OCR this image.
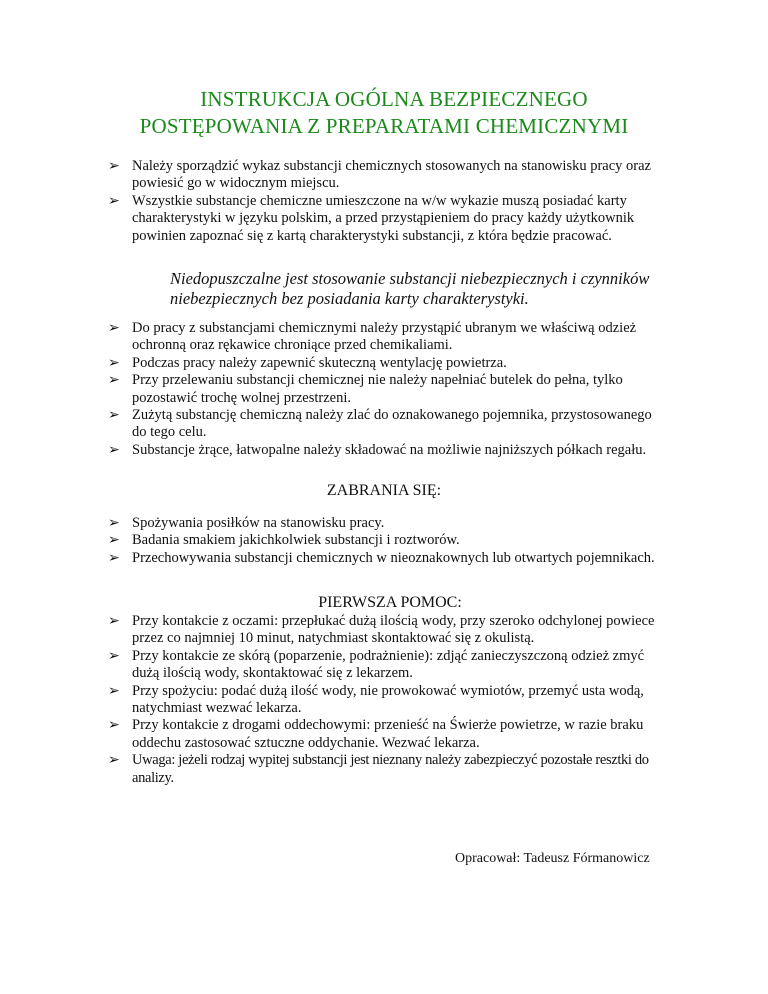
INSTRUKCJA OGÓLNA BEZPIECZNEGO
POSTĘPOWANIA Z PREPARATAMI CHEMICZNYMI
➢ Należy sporządzić wykaz substancji chemicznych stosowanych na stanowisku pracy oraz powiesić go w widocznym miejscu.
➢ Wszystkie substancje chemiczne umieszczone na w/w wykazie muszą posiadać karty charakterystyki w języku polskim, a przed przystąpieniem do pracy każdy użytkownik powinien zapoznać się z kartą charakterystyki substancji, z która będzie pracować.
Niedopuszczalne jest stosowanie substancji niebezpiecznych i czynników niebezpiecznych bez posiadania karty charakterystyki.
➢ Do pracy z substancjami chemicznymi należy przystąpić ubranym we właściwą odzież ochronną oraz rękawice chroniące przed chemikaliami.
➢ Podczas pracy należy zapewnić skuteczną wentylację powietrza.
➢ Przy przelewaniu substancji chemicznej nie należy napełniać butelek do pełna, tylko pozostawić trochę wolnej przestrzeni.
➢ Zużytą substancję chemiczną należy zlać do oznakowanego pojemnika, przystosowanego do tego celu.
➢ Substancje żrące, łatwopalne należy składować na możliwie najniższych półkach regału.
ZABRANIA SIĘ:
➢ Spożywania posiłków na stanowisku pracy.
➢ Badania smakiem jakichkolwiek substancji i roztworów.
➢ Przechowywania substancji chemicznych w nieoznakownych lub otwartych pojemnikach.
PIERWSZA POMOC:
➢ Przy kontakcie z oczami: przepłukać dużą ilością wody, przy szeroko odchylonej powiece przez co najmniej 10 minut, natychmiast skontaktować się z okulistą.
➢ Przy kontakcie ze skórą (poparzenie, podrażnienie): zdjąć zanieczyszczoną odzież zmyć dużą ilością wody, skontaktować się z lekarzem.
➢ Przy spożyciu: podać dużą ilość wody, nie prowokować wymiotów, przemyć usta wodą, natychmiast wezwać lekarza.
➢ Przy kontakcie z drogami oddechowymi: przenieść na Świerże powietrze, w razie braku oddechu zastosować sztuczne oddychanie. Wezwać lekarza.
➢ Uwaga: jeżeli rodzaj wypitej substancji jest nieznany należy zabezpieczyć pozostałe resztki do analizy.
Opracował: Tadeusz Fórmanowicz
